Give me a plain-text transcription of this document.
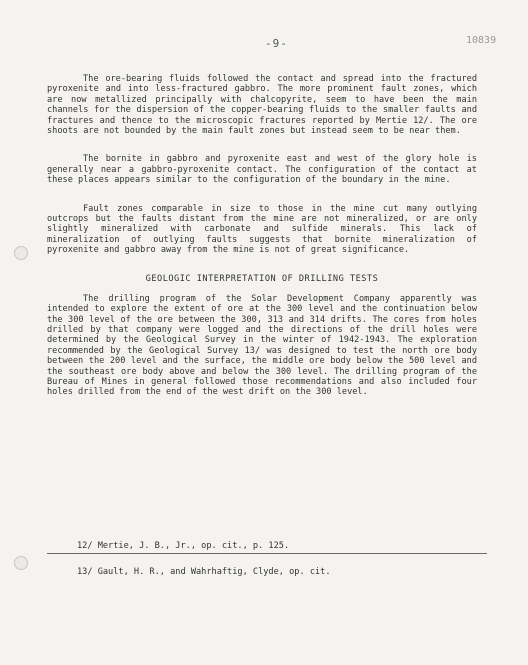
-9-	10839

The ore-bearing fluids followed the contact and spread into the fractured pyroxenite and into less-fractured gabbro. The more prominent fault zones, which are now metallized principally with chalcopyrite, seem to have been the main channels for the dispersion of the copper-bearing fluids to the smaller faults and fractures and thence to the microscopic fractures reported by Mertie 12/. The ore shoots are not bounded by the main fault zones but instead seem to be near them.

The bornite in gabbro and pyroxenite east and west of the glory hole is generally near a gabbro-pyroxenite contact. The configuration of the contact at these places appears similar to the configuration of the boundary in the mine.

Fault zones comparable in size to those in the mine cut many outlying outcrops but the faults distant from the mine are not mineralized, or are only slightly mineralized with carbonate and sulfide minerals. This lack of mineralization of outlying faults suggests that bornite mineralization of pyroxenite and gabbro away from the mine is not of great significance.

GEOLOGIC INTERPRETATION OF DRILLING TESTS

The drilling program of the Solar Development Company apparently was intended to explore the extent of ore at the 300 level and the continuation below the 300 level of the ore between the 300, 313 and 314 drifts. The cores from holes drilled by that company were logged and the directions of the drill holes were determined by the Geological Survey in the winter of 1942-1943. The exploration recommended by the Geological Survey 13/ was designed to test the north ore body between the 200 level and the surface, the middle ore body below the 500 level and the southeast ore body above and below the 300 level. The drilling program of the Bureau of Mines in general followed those recommendations and also included four holes drilled from the end of the west drift on the 300 level.

12/ Mertie, J. B., Jr., op. cit., p. 125.
13/ Gault, H. R., and Wahrhaftig, Clyde, op. cit.
